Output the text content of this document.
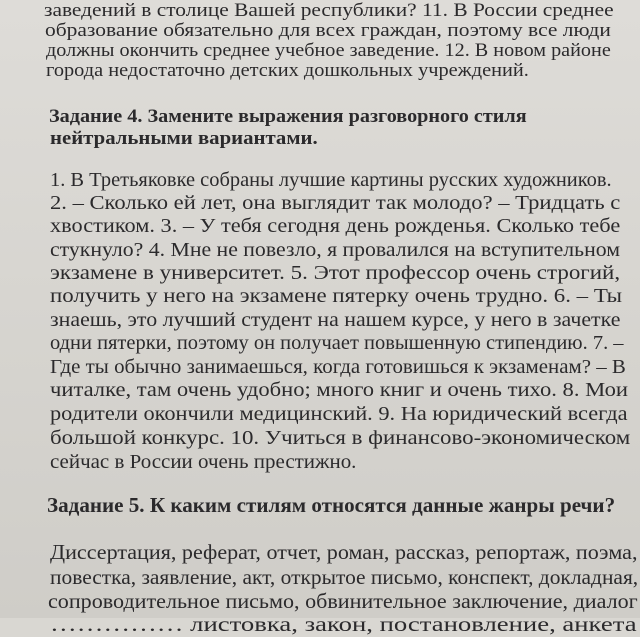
заведений в столице Вашей республики? 11. В России среднее
образование обязательно для всех граждан, поэтому все люди
должны окончить среднее учебное заведение. 12. В новом районе
города недостаточно детских дошкольных учреждений.
Задание 4. Замените выражения разговорного стиля
нейтральными вариантами.
1. В Третьяковке собраны лучшие картины русских художников.
2. – Сколько ей лет, она выглядит так молодо? – Тридцать с
хвостиком. 3. – У тебя сегодня день рожденья. Сколько тебе
стукнуло? 4. Мне не повезло, я провалился на вступительном
экзамене в университет. 5. Этот профессор очень строгий,
получить у него на экзамене пятерку очень трудно. 6. – Ты
знаешь, это лучший студент на нашем курсе, у него в зачетке
одни пятерки, поэтому он получает повышенную стипендию. 7. –
Где ты обычно занимаешься, когда готовишься к экзаменам? – В
читалке, там очень удобно; много книг и очень тихо. 8. Мои
родители окончили медицинский. 9. На юридический всегда
большой конкурс. 10. Учиться в финансово-экономическом
сейчас в России очень престижно.
Задание 5. К каким стилям относятся данные жанры речи?
Диссертация, реферат, отчет, роман, рассказ, репортаж, поэма,
повестка, заявление, акт, открытое письмо, конспект, докладная,
сопроводительное письмо, обвинительное заключение, диалог
…………… листовка, закон, постановление, анкета
